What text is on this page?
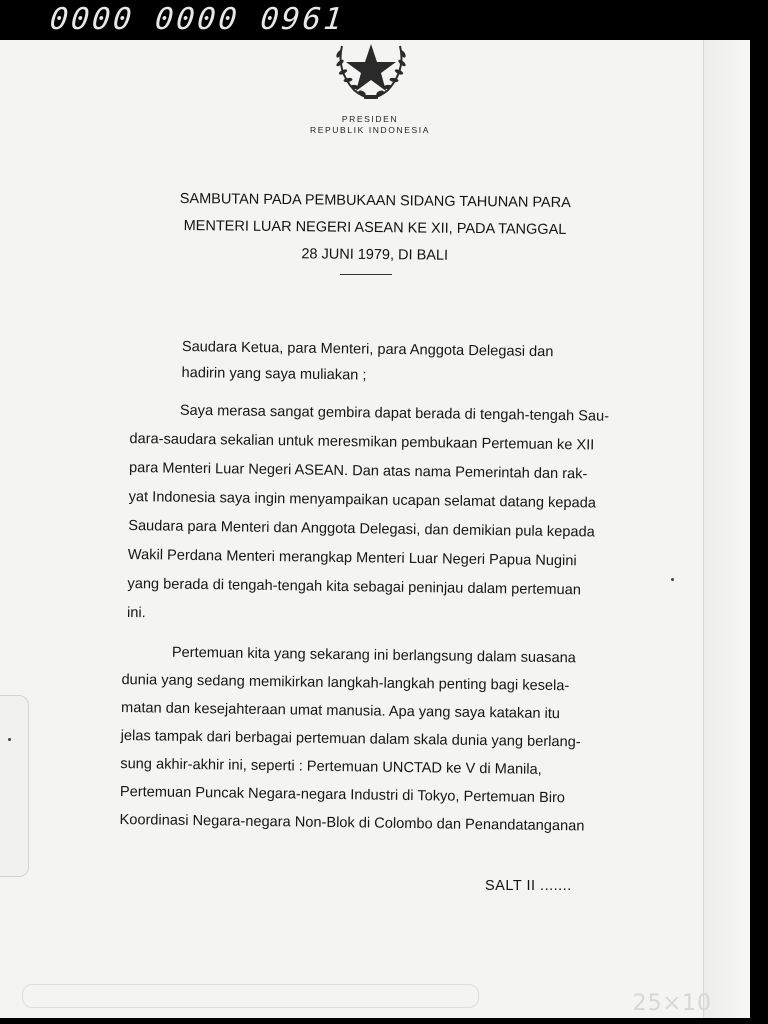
0000 0000 0961
PRESIDEN
REPUBLIK INDONESIA
SAMBUTAN PADA PEMBUKAAN SIDANG TAHUNAN PARA
MENTERI LUAR NEGERI ASEAN KE XII, PADA TANGGAL
28 JUNI 1979, DI BALI
Saudara Ketua, para Menteri, para Anggota Delegasi dan
hadirin yang saya muliakan ;
Saya merasa sangat gembira dapat berada di tengah-tengah Sau-
dara-saudara sekalian untuk meresmikan pembukaan Pertemuan ke XII
para Menteri Luar Negeri ASEAN. Dan atas nama Pemerintah dan rak-
yat Indonesia saya ingin menyampaikan ucapan selamat datang kepada
Saudara para Menteri dan Anggota Delegasi, dan demikian pula kepada
Wakil Perdana Menteri merangkap Menteri Luar Negeri Papua Nugini
yang berada di tengah-tengah kita sebagai peninjau dalam pertemuan
ini.
Pertemuan kita yang sekarang ini berlangsung dalam suasana
dunia yang sedang memikirkan langkah-langkah penting bagi kesela-
matan dan kesejahteraan umat manusia. Apa yang saya katakan itu
jelas tampak dari berbagai pertemuan dalam skala dunia yang berlang-
sung akhir-akhir ini, seperti : Pertemuan UNCTAD ke V di Manila,
Pertemuan Puncak Negara-negara Industri di Tokyo, Pertemuan Biro
Koordinasi Negara-negara Non-Blok di Colombo dan Penandatanganan
SALT II .......
25×10
